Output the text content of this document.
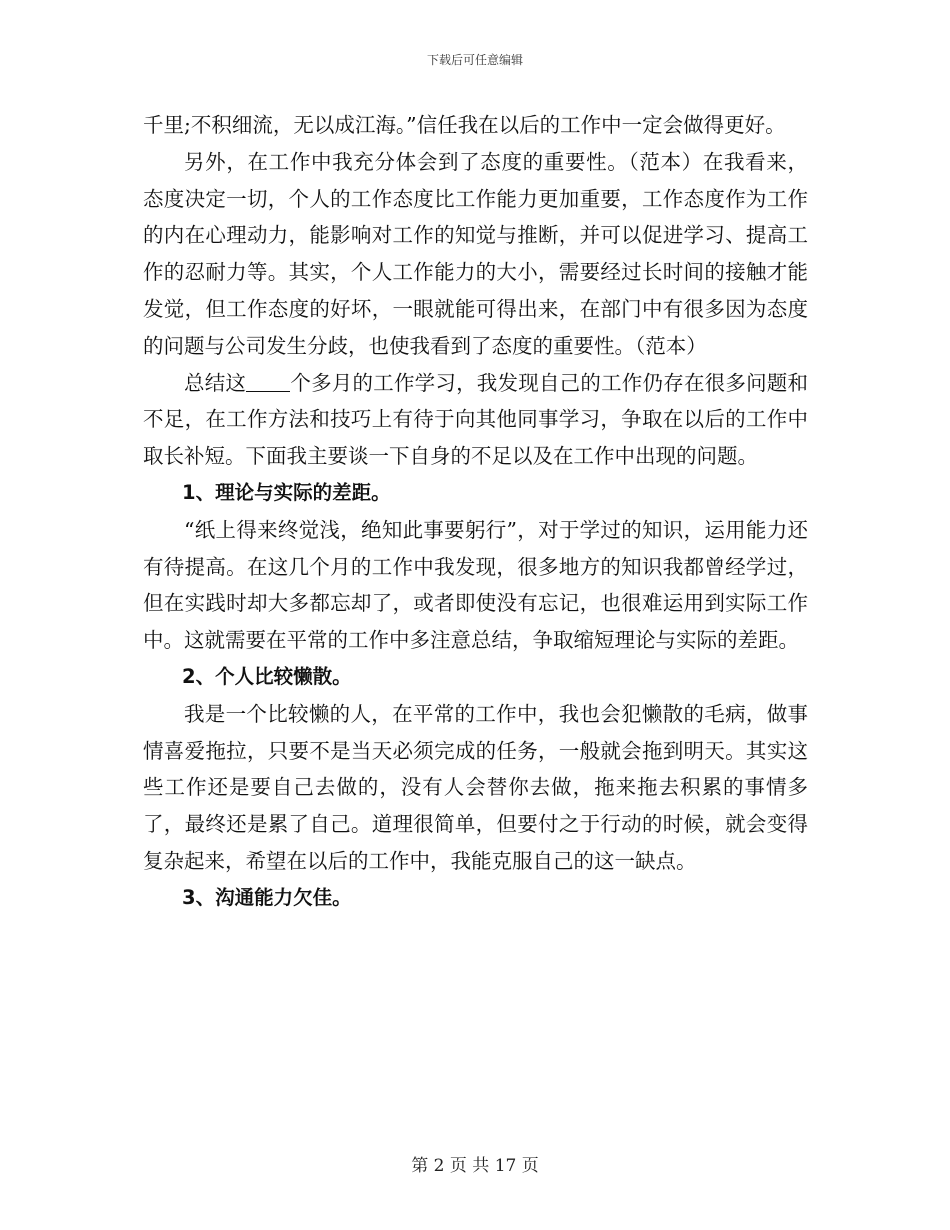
下载后可任意编辑

千里;不积细流，无以成江海。”信任我在以后的工作中一定会做得更好。

另外，在工作中我充分体会到了态度的重要性。（范本）在我看来，态度决定一切，个人的工作态度比工作能力更加重要，工作态度作为工作的内在心理动力，能影响对工作的知觉与推断，并可以促进学习、提高工作的忍耐力等。其实，个人工作能力的大小，需要经过长时间的接触才能发觉，但工作态度的好坏，一眼就能可得出来，在部门中有很多因为态度的问题与公司发生分歧，也使我看到了态度的重要性。（范本）

总结这 个多月的工作学习，我发现自己的工作仍存在很多问题和不足，在工作方法和技巧上有待于向其他同事学习，争取在以后的工作中取长补短。下面我主要谈一下自身的不足以及在工作中出现的问题。

1、理论与实际的差距。

“纸上得来终觉浅，绝知此事要躬行”，对于学过的知识，运用能力还有待提高。在这几个月的工作中我发现，很多地方的知识我都曾经学过，但在实践时却大多都忘却了，或者即使没有忘记，也很难运用到实际工作中。这就需要在平常的工作中多注意总结，争取缩短理论与实际的差距。

2、个人比较懒散。

我是一个比较懒的人，在平常的工作中，我也会犯懒散的毛病，做事情喜爱拖拉，只要不是当天必须完成的任务，一般就会拖到明天。其实这些工作还是要自己去做的，没有人会替你去做，拖来拖去积累的事情多了，最终还是累了自己。道理很简单，但要付之于行动的时候，就会变得复杂起来，希望在以后的工作中，我能克服自己的这一缺点。

3、沟通能力欠佳。

第 2 页 共 17 页
